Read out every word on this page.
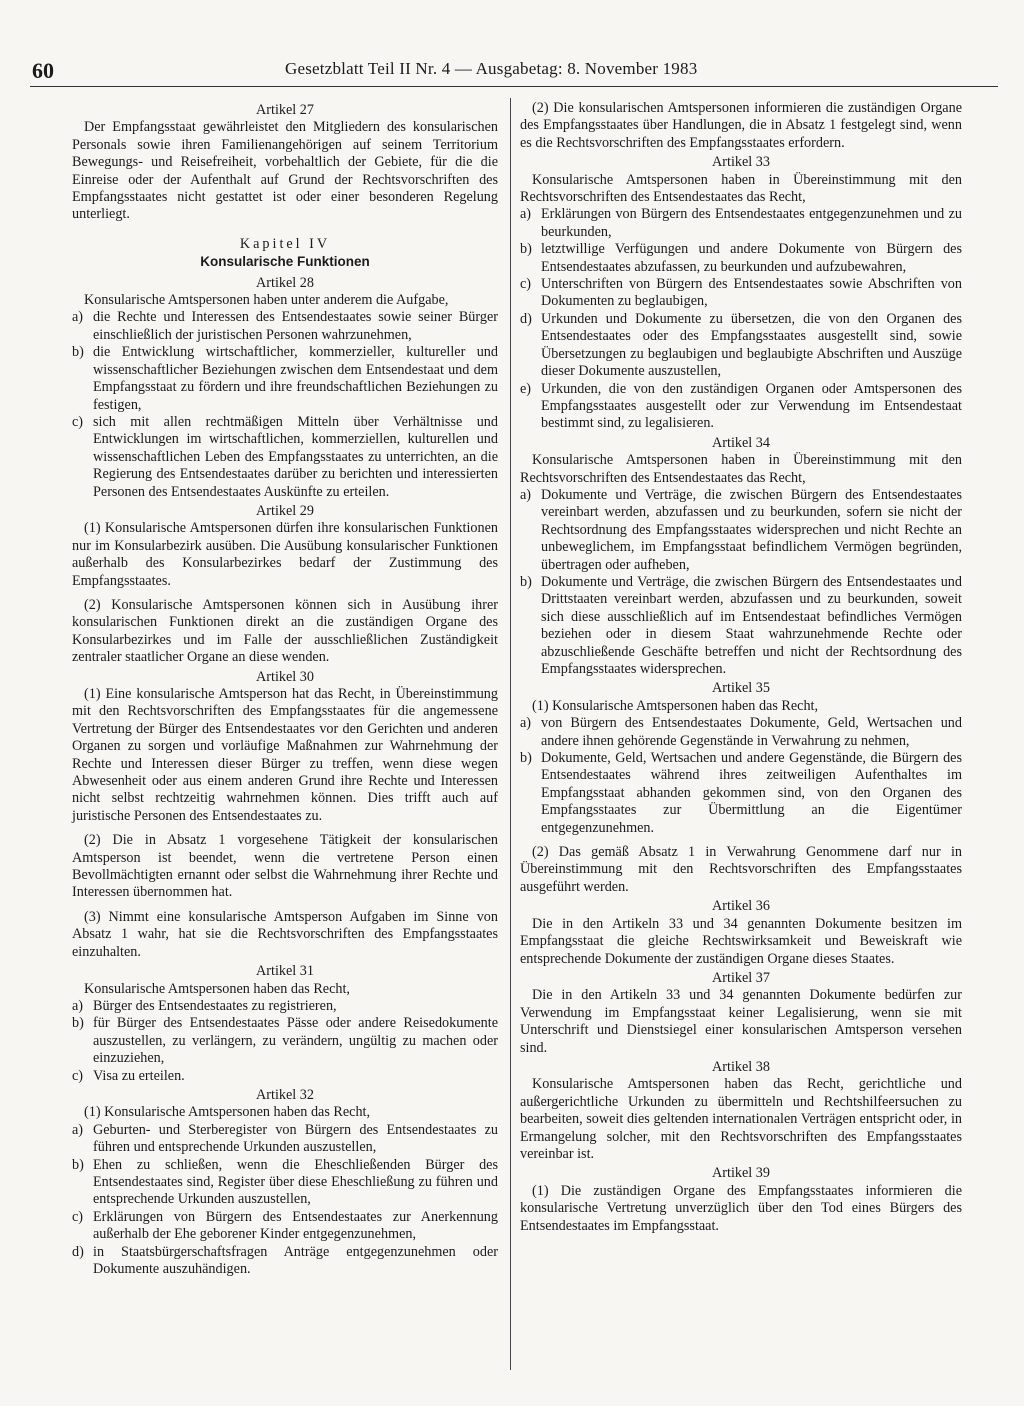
60	Gesetzblatt Teil II Nr. 4 — Ausgabetag: 8. November 1983
Artikel 27

Der Empfangsstaat gewährleistet den Mitgliedern des konsularischen Personals sowie ihren Familienangehörigen auf seinem Territorium Bewegungs- und Reisefreiheit, vorbehaltlich der Gebiete, für die die Einreise oder der Aufenthalt auf Grund der Rechtsvorschriften des Empfangsstaates nicht gestattet ist oder einer besonderen Regelung unterliegt.

Kapitel IV
Konsularische Funktionen
Artikel 28

Konsularische Amtspersonen haben unter anderem die Aufgabe,

a) die Rechte und Interessen des Entsendestaates sowie seiner Bürger einschließlich der juristischen Personen wahrzunehmen,

b) die Entwicklung wirtschaftlicher, kommerzieller, kultureller und wissenschaftlicher Beziehungen zwischen dem Entsendestaat und dem Empfangsstaat zu fördern und ihre freundschaftlichen Beziehungen zu festigen,

c) sich mit allen rechtmäßigen Mitteln über Verhältnisse und Entwicklungen im wirtschaftlichen, kommerziellen, kulturellen und wissenschaftlichen Leben des Empfangsstaates zu unterrichten, an die Regierung des Entsendestaates darüber zu berichten und interessierten Personen des Entsendestaates Auskünfte zu erteilen.

Artikel 29

(1) Konsularische Amtspersonen dürfen ihre konsularischen Funktionen nur im Konsularbezirk ausüben. Die Ausübung konsularischer Funktionen außerhalb des Konsularbezirkes bedarf der Zustimmung des Empfangsstaates.

(2) Konsularische Amtspersonen können sich in Ausübung ihrer konsularischen Funktionen direkt an die zuständigen Organe des Konsularbezirkes und im Falle der ausschließlichen Zuständigkeit zentraler staatlicher Organe an diese wenden.

Artikel 30

(1) Eine konsularische Amtsperson hat das Recht, in Übereinstimmung mit den Rechtsvorschriften des Empfangsstaates für die angemessene Vertretung der Bürger des Entsendestaates vor den Gerichten und anderen Organen zu sorgen und vorläufige Maßnahmen zur Wahrnehmung der Rechte und Interessen dieser Bürger zu treffen, wenn diese wegen Abwesenheit oder aus einem anderen Grund ihre Rechte und Interessen nicht selbst rechtzeitig wahrnehmen können. Dies trifft auch auf juristische Personen des Entsendestaates zu.

(2) Die in Absatz 1 vorgesehene Tätigkeit der konsularischen Amtsperson ist beendet, wenn die vertretene Person einen Bevollmächtigten ernannt oder selbst die Wahrnehmung ihrer Rechte und Interessen übernommen hat.

(3) Nimmt eine konsularische Amtsperson Aufgaben im Sinne von Absatz 1 wahr, hat sie die Rechtsvorschriften des Empfangsstaates einzuhalten.

Artikel 31

Konsularische Amtspersonen haben das Recht,

a) Bürger des Entsendestaates zu registrieren,

b) für Bürger des Entsendestaates Pässe oder andere Reisedokumente auszustellen, zu verlängern, zu verändern, ungültig zu machen oder einzuziehen,

c) Visa zu erteilen.

Artikel 32

(1) Konsularische Amtspersonen haben das Recht,

a) Geburten- und Sterberegister von Bürgern des Entsendestaates zu führen und entsprechende Urkunden auszustellen,

b) Ehen zu schließen, wenn die Eheschließenden Bürger des Entsendestaates sind, Register über diese Eheschließung zu führen und entsprechende Urkunden auszustellen,

c) Erklärungen von Bürgern des Entsendestaates zur Anerkennung außerhalb der Ehe geborener Kinder entgegenzunehmen,

d) in Staatsbürgerschaftsfragen Anträge entgegenzunehmen oder Dokumente auszuhändigen.

(2) Die konsularischen Amtspersonen informieren die zuständigen Organe des Empfangsstaates über Handlungen, die in Absatz 1 festgelegt sind, wenn es die Rechtsvorschriften des Empfangsstaates erfordern.

Artikel 33

Konsularische Amtspersonen haben in Übereinstimmung mit den Rechtsvorschriften des Entsendestaates das Recht,

a) Erklärungen von Bürgern des Entsendestaates entgegenzunehmen und zu beurkunden,

b) letztwillige Verfügungen und andere Dokumente von Bürgern des Entsendestaates abzufassen, zu beurkunden und aufzubewahren,

c) Unterschriften von Bürgern des Entsendestaates sowie Abschriften von Dokumenten zu beglaubigen,

d) Urkunden und Dokumente zu übersetzen, die von den Organen des Entsendestaates oder des Empfangsstaates ausgestellt sind, sowie Übersetzungen zu beglaubigen und beglaubigte Abschriften und Auszüge dieser Dokumente auszustellen,

e) Urkunden, die von den zuständigen Organen oder Amtspersonen des Empfangsstaates ausgestellt oder zur Verwendung im Entsendestaat bestimmt sind, zu legalisieren.

Artikel 34

Konsularische Amtspersonen haben in Übereinstimmung mit den Rechtsvorschriften des Entsendestaates das Recht,

a) Dokumente und Verträge, die zwischen Bürgern des Entsendestaates vereinbart werden, abzufassen und zu beurkunden, sofern sie nicht der Rechtsordnung des Empfangsstaates widersprechen und nicht Rechte an unbeweglichem, im Empfangsstaat befindlichem Vermögen begründen, übertragen oder aufheben,

b) Dokumente und Verträge, die zwischen Bürgern des Entsendestaates und Drittstaaten vereinbart werden, abzufassen und zu beurkunden, soweit sich diese ausschließlich auf im Entsendestaat befindliches Vermögen beziehen oder in diesem Staat wahrzunehmende Rechte oder abzuschließende Geschäfte betreffen und nicht der Rechtsordnung des Empfangsstaates widersprechen.

Artikel 35

(1) Konsularische Amtspersonen haben das Recht,

a) von Bürgern des Entsendestaates Dokumente, Geld, Wertsachen und andere ihnen gehörende Gegenstände in Verwahrung zu nehmen,

b) Dokumente, Geld, Wertsachen und andere Gegenstände, die Bürgern des Entsendestaates während ihres zeitweiligen Aufenthaltes im Empfangsstaat abhanden gekommen sind, von den Organen des Empfangsstaates zur Übermittlung an die Eigentümer entgegenzunehmen.

(2) Das gemäß Absatz 1 in Verwahrung Genommene darf nur in Übereinstimmung mit den Rechtsvorschriften des Empfangsstaates ausgeführt werden.

Artikel 36

Die in den Artikeln 33 und 34 genannten Dokumente besitzen im Empfangsstaat die gleiche Rechtswirksamkeit und Beweiskraft wie entsprechende Dokumente der zuständigen Organe dieses Staates.

Artikel 37

Die in den Artikeln 33 und 34 genannten Dokumente bedürfen zur Verwendung im Empfangsstaat keiner Legalisierung, wenn sie mit Unterschrift und Dienstsiegel einer konsularischen Amtsperson versehen sind.

Artikel 38

Konsularische Amtspersonen haben das Recht, gerichtliche und außergerichtliche Urkunden zu übermitteln und Rechtshilfeersuchen zu bearbeiten, soweit dies geltenden internationalen Verträgen entspricht oder, in Ermangelung solcher, mit den Rechtsvorschriften des Empfangsstaates vereinbar ist.

Artikel 39

(1) Die zuständigen Organe des Empfangsstaates informieren die konsularische Vertretung unverzüglich über den Tod eines Bürgers des Entsendestaates im Empfangsstaat.
